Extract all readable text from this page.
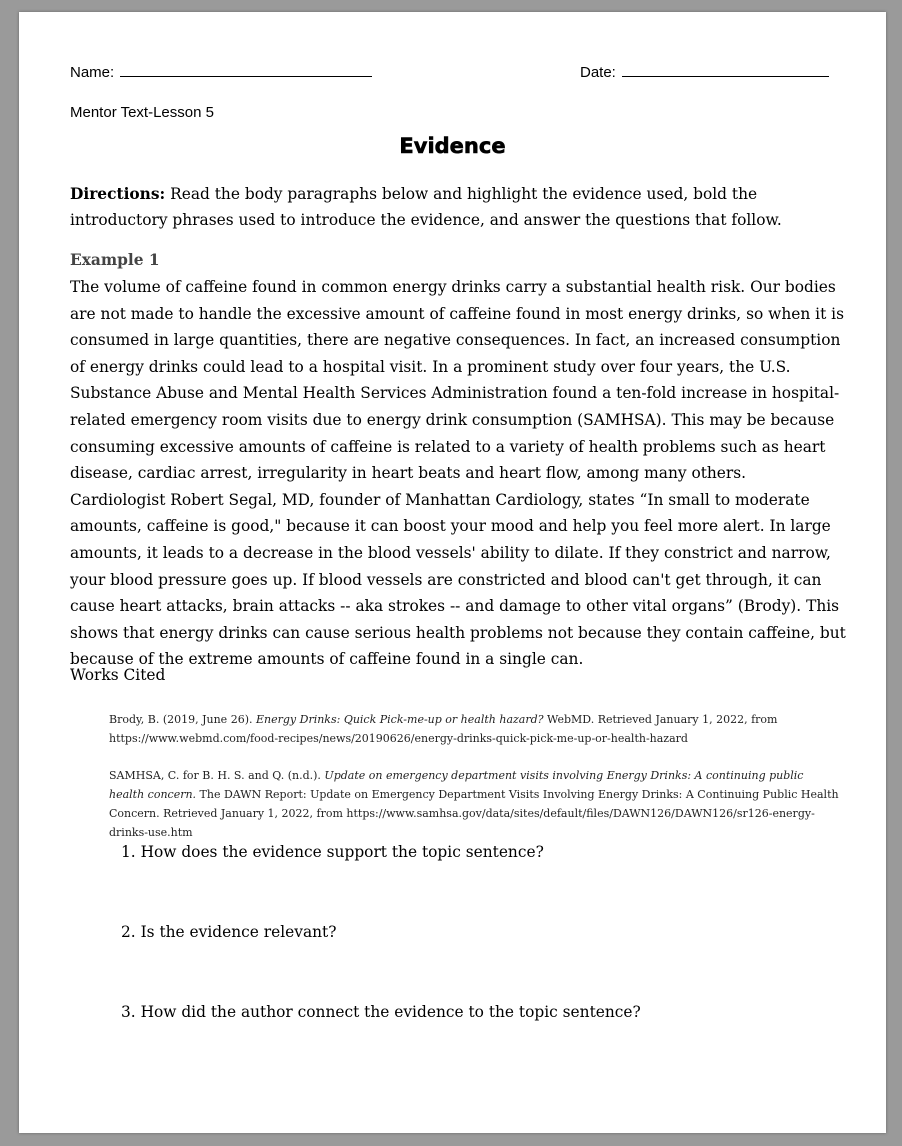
Name:	Date:
Mentor Text-Lesson 5
Evidence
Directions: Read the body paragraphs below and highlight the evidence used, bold the introductory phrases used to introduce the evidence, and answer the questions that follow.
Example 1
The volume of caffeine found in common energy drinks carry a substantial health risk. Our bodies are not made to handle the excessive amount of caffeine found in most energy drinks, so when it is consumed in large quantities, there are negative consequences. In fact, an increased consumption of energy drinks could lead to a hospital visit. In a prominent study over four years, the U.S. Substance Abuse and Mental Health Services Administration found a ten-fold increase in hospital-related emergency room visits due to energy drink consumption (SAMHSA). This may be because consuming excessive amounts of caffeine is related to a variety of health problems such as heart disease, cardiac arrest, irregularity in heart beats and heart flow, among many others. Cardiologist Robert Segal, MD, founder of Manhattan Cardiology, states “In small to moderate amounts, caffeine is good," because it can boost your mood and help you feel more alert. In large amounts, it leads to a decrease in the blood vessels' ability to dilate. If they constrict and narrow, your blood pressure goes up. If blood vessels are constricted and blood can't get through, it can cause heart attacks, brain attacks -- aka strokes -- and damage to other vital organs” (Brody). This shows that energy drinks can cause serious health problems not because they contain caffeine, but because of the extreme amounts of caffeine found in a single can.
Works Cited
Brody, B. (2019, June 26). Energy Drinks: Quick Pick-me-up or health hazard? WebMD. Retrieved January 1, 2022, from https://www.webmd.com/food-recipes/news/20190626/energy-drinks-quick-pick-me-up-or-health-hazard
SAMHSA, C. for B. H. S. and Q. (n.d.). Update on emergency department visits involving Energy Drinks: A continuing public health concern. The DAWN Report: Update on Emergency Department Visits Involving Energy Drinks: A Continuing Public Health Concern. Retrieved January 1, 2022, from https://www.samhsa.gov/data/sites/default/files/DAWN126/DAWN126/sr126-energy-drinks-use.htm
1. How does the evidence support the topic sentence?
2. Is the evidence relevant?
3. How did the author connect the evidence to the topic sentence?
